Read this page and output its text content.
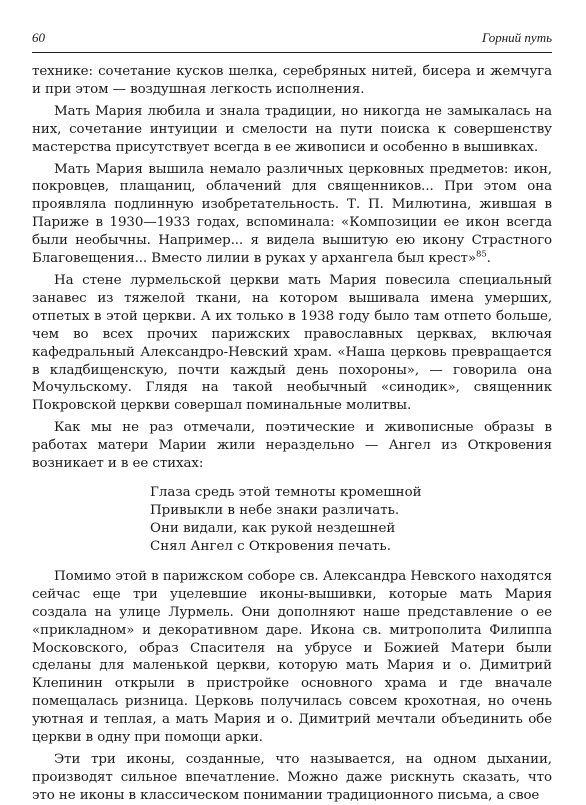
60	Горний путь

технике: сочетание кусков шелка, серебряных нитей, бисера и жемчуга и при этом — воздушная легкость исполнения.

Мать Мария любила и знала традиции, но никогда не замыкалась на них, сочетание интуиции и смелости на пути поиска к совершенству мастерства присутствует всегда в ее живописи и особенно в вышивках.

Мать Мария вышила немало различных церковных предметов: икон, покровцев, плащаниц, облачений для священников... При этом она проявляла подлинную изобретательность. Т. П. Милютина, жившая в Париже в 1930—1933 годах, вспоминала: «Композиции ее икон всегда были необычны. Например... я видела вышитую ею икону Страстного Благовещения... Вместо лилии в руках у архангела был крест»$^{85}$.

На стене лурмельской церкви мать Мария повесила специальный занавес из тяжелой ткани, на котором вышивала имена умерших, отпетых в этой церкви. А их только в 1938 году было там отпето больше, чем во всех прочих парижских православных церквах, включая кафедральный Александро-Невский храм. «Наша церковь превращается в кладбищенскую, почти каждый день похороны», — говорила она Мочульскому. Глядя на такой необычный «синодик», священник Покровской церкви совершал поминальные молитвы.

Как мы не раз отмечали, поэтические и живописные образы в работах матери Марии жили нераздельно — Ангел из Откровения возникает и в ее стихах:

Глаза средь этой темноты кромешной
Привыкли в небе знаки различать.
Они видали, как рукой нездешней
Снял Ангел с Откровения печать.

Помимо этой в парижском соборе св. Александра Невского находятся сейчас еще три уцелевшие иконы-вышивки, которые мать Мария создала на улице Лурмель. Они дополняют наше представление о ее «прикладном» и декоративном даре. Икона св. митрополита Филиппа Московского, образ Спасителя на убрусе и Божией Матери были сделаны для маленькой церкви, которую мать Мария и о. Димитрий Клепинин открыли в пристройке основного храма и где вначале помещалась ризница. Церковь получилась совсем крохотная, но очень уютная и теплая, а мать Мария и о. Димитрий мечтали объединить обе церкви в одну при помощи арки.

Эти три иконы, созданные, что называется, на одном дыхании, производят сильное впечатление. Можно даже рискнуть сказать, что это не иконы в классическом понимании традиционного письма, а свое
